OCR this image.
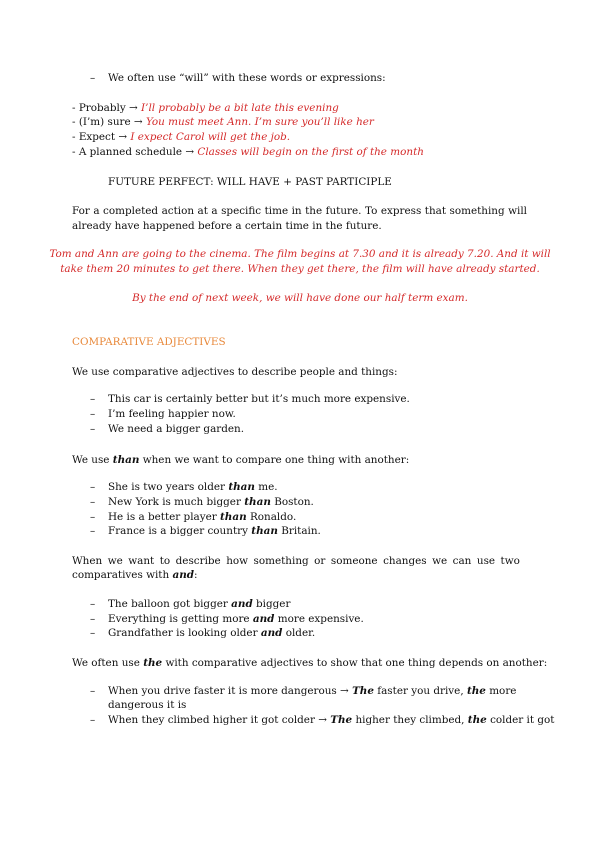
– We often use “will” with these words or expressions:
- Probably → I’ll probably be a bit late this evening
- (I’m) sure → You must meet Ann. I’m sure you’ll like her
- Expect → I expect Carol will get the job.
- A planned schedule → Classes will begin on the first of the month
FUTURE PERFECT: WILL HAVE + PAST PARTICIPLE
For a completed action at a specific time in the future. To express that something will already have happened before a certain time in the future.
Tom and Ann are going to the cinema. The film begins at 7.30 and it is already 7.20. And it will
take them 20 minutes to get there. When they get there, the film will have already started.
By the end of next week, we will have done our half term exam.
COMPARATIVE ADJECTIVES
We use comparative adjectives to describe people and things:
– This car is certainly better but it’s much more expensive.
– I’m feeling happier now.
– We need a bigger garden.
We use than when we want to compare one thing with another:
– She is two years older than me.
– New York is much bigger than Boston.
– He is a better player than Ronaldo.
– France is a bigger country than Britain.
When we want to describe how something or someone changes we can use two
comparatives with and:
– The balloon got bigger and bigger
– Everything is getting more and more expensive.
– Grandfather is looking older and older.
We often use the with comparative adjectives to show that one thing depends on another:
– When you drive faster it is more dangerous → The faster you drive, the more
dangerous it is
– When they climbed higher it got colder → The higher they climbed, the colder it got
